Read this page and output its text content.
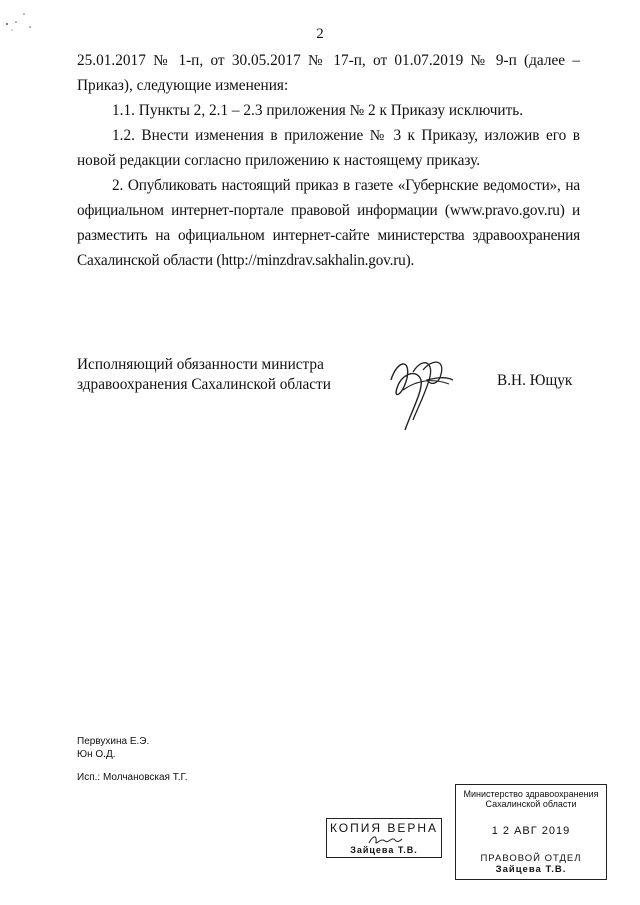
2

25.01.2017 № 1-п, от 30.05.2017 № 17-п, от 01.07.2019 № 9-п (далее – Приказ), следующие изменения:

1.1. Пункты 2, 2.1 – 2.3 приложения № 2 к Приказу исключить.

1.2. Внести изменения в приложение № 3 к Приказу, изложив его в новой редакции согласно приложению к настоящему приказу.

2. Опубликовать настоящий приказ в газете «Губернские ведомости», на официальном интернет-портале правовой информации (www.pravo.gov.ru) и разместить на официальном интернет-сайте министерства здравоохранения Сахалинской области (http://minzdrav.sakhalin.gov.ru).

Исполняющий обязанности министра
здравоохранения Сахалинской области	В.Н. Ющук
Первухина Е.Э.
Юн О.Д.
Исп.: Молчановская Т.Г.
КОПИЯ ВЕРНА
Зайцева Т.В.
Министерство здравоохранения
Сахалинской области
1 2 АВГ 2019
ПРАВОВОЙ ОТДЕЛ
Зайцева Т.В.
